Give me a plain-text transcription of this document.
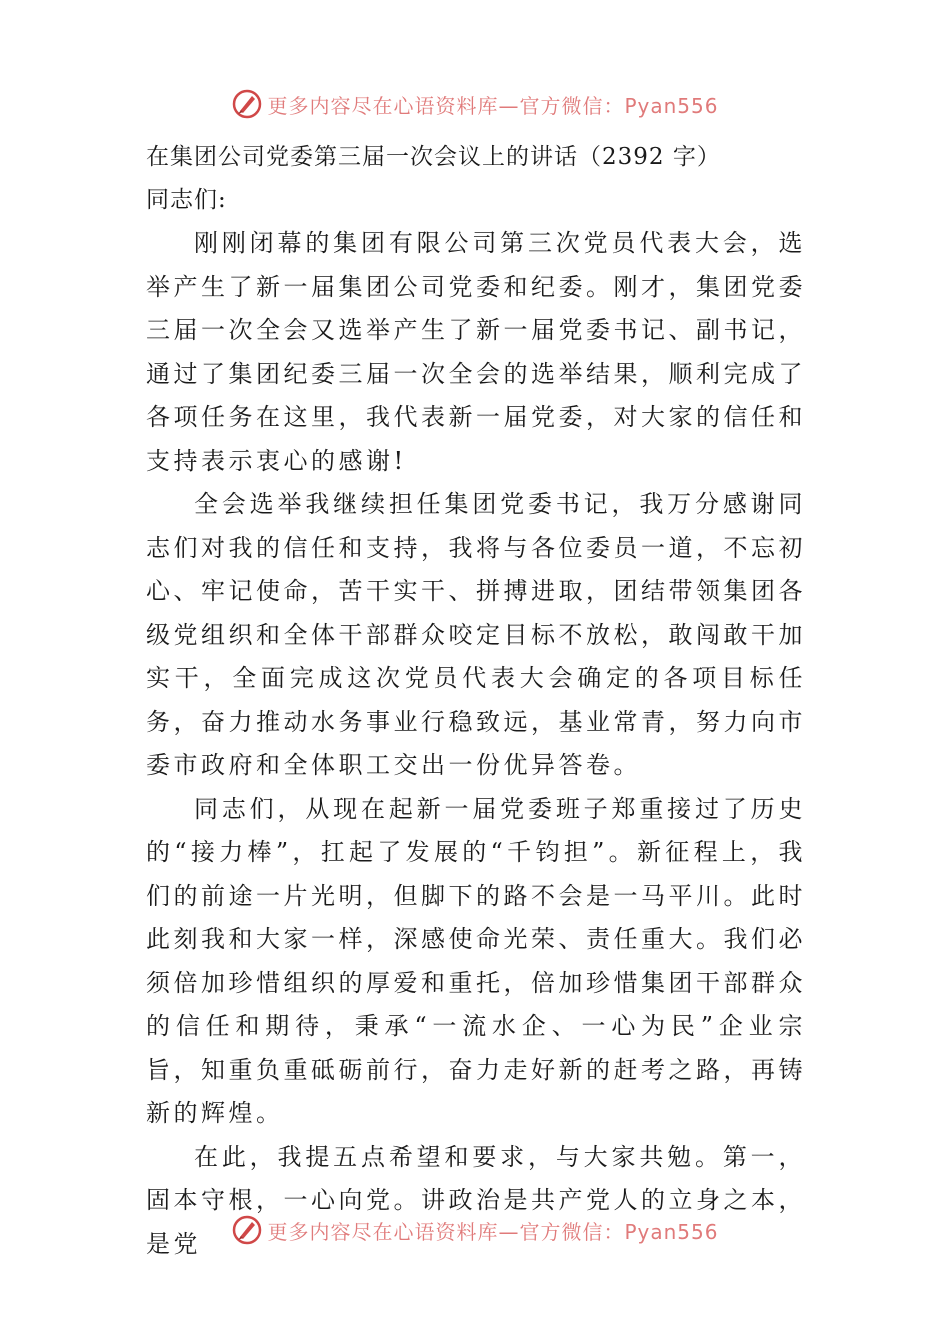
更多内容尽在心语资料库—官方微信：Pyan556

在集团公司党委第三届一次会议上的讲话（2392 字）

同志们:

刚刚闭幕的集团有限公司第三次党员代表大会，选举产生了新一届集团公司党委和纪委。刚才，集团党委三届一次全会又选举产生了新一届党委书记、副书记，通过了集团纪委三届一次全会的选举结果，顺利完成了各项任务在这里，我代表新一届党委，对大家的信任和支持表示衷心的感谢!

全会选举我继续担任集团党委书记，我万分感谢同志们对我的信任和支持，我将与各位委员一道，不忘初心、牢记使命，苦干实干、拼搏进取，团结带领集团各级党组织和全体干部群众咬定目标不放松，敢闯敢干加实干，全面完成这次党员代表大会确定的各项目标任务，奋力推动水务事业行稳致远，基业常青，努力向市委市政府和全体职工交出一份优异答卷。

同志们，从现在起新一届党委班子郑重接过了历史的“接力棒”，扛起了发展的“千钧担”。新征程上，我们的前途一片光明，但脚下的路不会是一马平川。此时此刻我和大家一样，深感使命光荣、责任重大。我们必须倍加珍惜组织的厚爱和重托，倍加珍惜集团干部群众的信任和期待，秉承“一流水企、一心为民”企业宗旨，知重负重砥砺前行，奋力走好新的赶考之路，再铸新的辉煌。

在此，我提五点希望和要求，与大家共勉。第一，固本守根，一心向党。讲政治是共产党人的立身之本，是党	更多内容尽在心语资料库—官方微信：Pyan556
